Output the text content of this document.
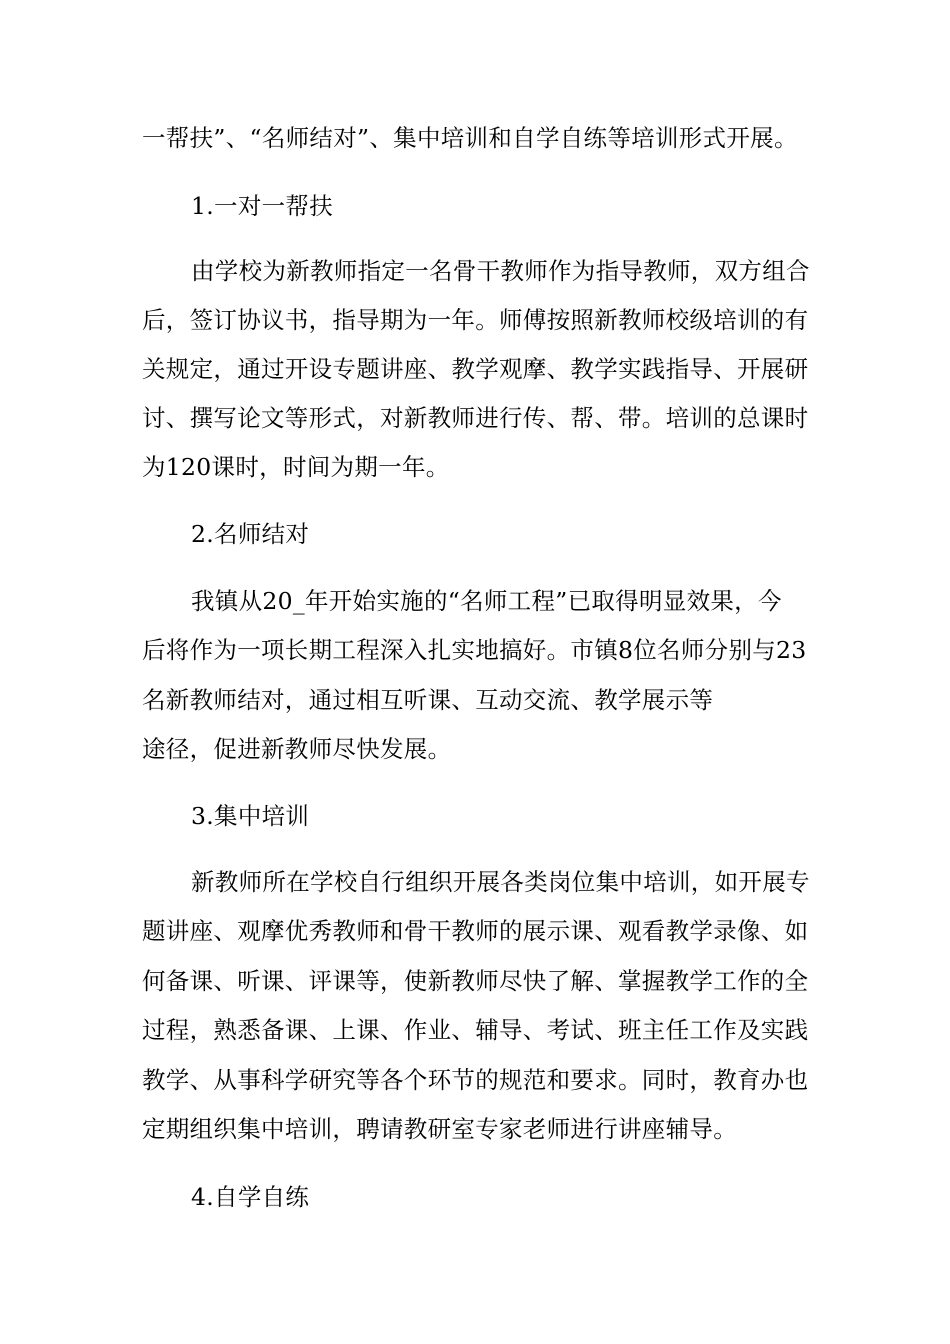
一帮扶”、“名师结对”、集中培训和自学自练等培训形式开展。
1.一对一帮扶
由学校为新教师指定一名骨干教师作为指导教师，双方组合
后，签订协议书，指导期为一年。师傅按照新教师校级培训的有
关规定，通过开设专题讲座、教学观摩、教学实践指导、开展研
讨、撰写论文等形式，对新教师进行传、帮、带。培训的总课时
为120课时，时间为期一年。
2.名师结对
我镇从20_年开始实施的“名师工程”已取得明显效果，今
后将作为一项长期工程深入扎实地搞好。市镇8位名师分别与23
名新教师结对，通过相互听课、互动交流、教学展示等
途径，促进新教师尽快发展。
3.集中培训
新教师所在学校自行组织开展各类岗位集中培训，如开展专
题讲座、观摩优秀教师和骨干教师的展示课、观看教学录像、如
何备课、听课、评课等，使新教师尽快了解、掌握教学工作的全
过程，熟悉备课、上课、作业、辅导、考试、班主任工作及实践
教学、从事科学研究等各个环节的规范和要求。同时，教育办也
定期组织集中培训，聘请教研室专家老师进行讲座辅导。
4.自学自练
